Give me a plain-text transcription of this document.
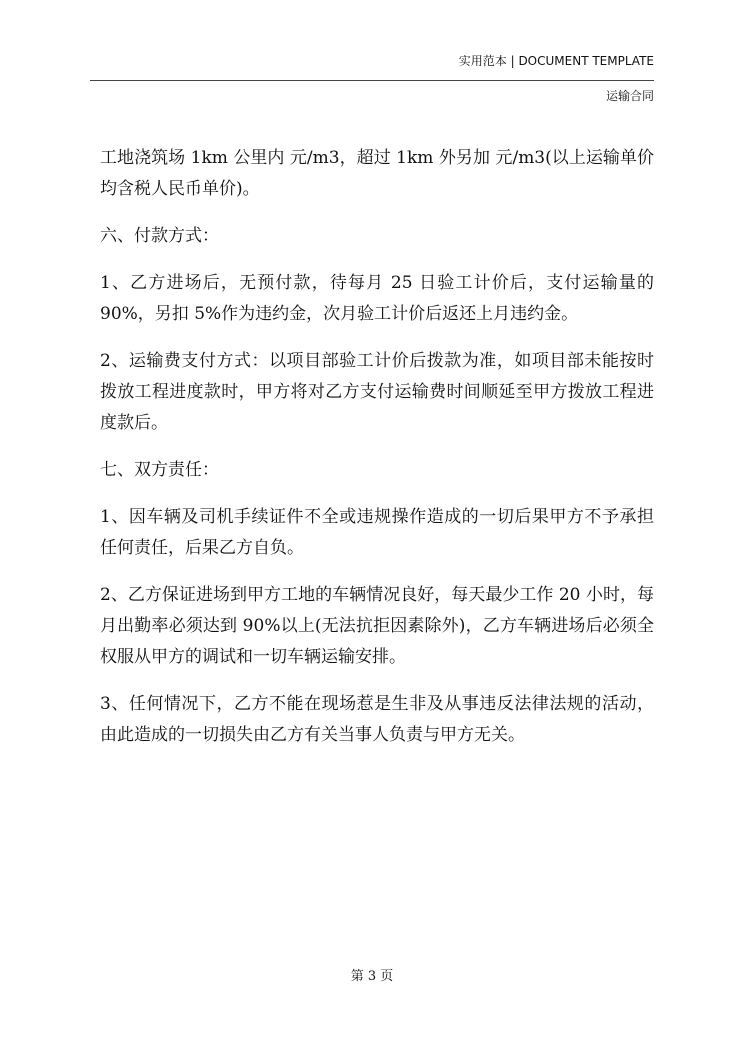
实用范本 | DOCUMENT TEMPLATE
运输合同

工地浇筑场 1km 公里内 元/m3，超过 1km 外另加 元/m3(以上运输单价均含税人民币单价)。

六、付款方式：

1、乙方进场后，无预付款，待每月 25 日验工计价后，支付运输量的 90%，另扣 5%作为违约金，次月验工计价后返还上月违约金。

2、运输费支付方式：以项目部验工计价后拨款为准，如项目部未能按时拨放工程进度款时，甲方将对乙方支付运输费时间顺延至甲方拨放工程进度款后。

七、双方责任：

1、因车辆及司机手续证件不全或违规操作造成的一切后果甲方不予承担任何责任，后果乙方自负。

2、乙方保证进场到甲方工地的车辆情况良好，每天最少工作 20 小时，每月出勤率必须达到 90%以上(无法抗拒因素除外)，乙方车辆进场后必须全权服从甲方的调试和一切车辆运输安排。

3、任何情况下，乙方不能在现场惹是生非及从事违反法律法规的活动，由此造成的一切损失由乙方有关当事人负责与甲方无关。

第 3 页
